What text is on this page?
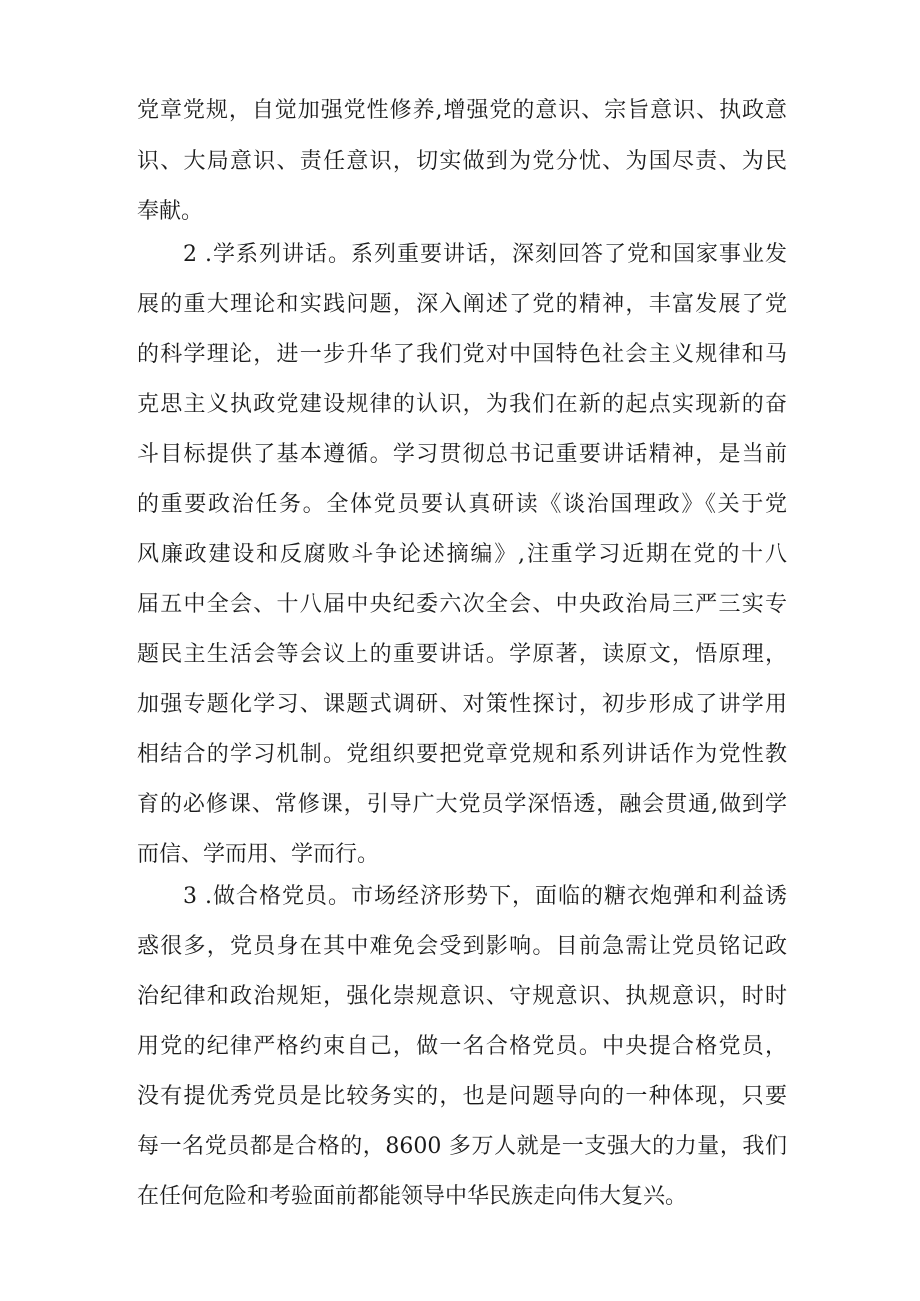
党章党规，自觉加强党性修养,增强党的意识、宗旨意识、执政意
识、大局意识、责任意识，切实做到为党分忧、为国尽责、为民
奉献。
2 .学系列讲话。系列重要讲话，深刻回答了党和国家事业发
展的重大理论和实践问题，深入阐述了党的精神，丰富发展了党
的科学理论，进一步升华了我们党对中国特色社会主义规律和马
克思主义执政党建设规律的认识，为我们在新的起点实现新的奋
斗目标提供了基本遵循。学习贯彻总书记重要讲话精神，是当前
的重要政治任务。全体党员要认真研读《谈治国理政》《关于党
风廉政建设和反腐败斗争论述摘编》,注重学习近期在党的十八
届五中全会、十八届中央纪委六次全会、中央政治局三严三实专
题民主生活会等会议上的重要讲话。学原著，读原文，悟原理，
加强专题化学习、课题式调研、对策性探讨，初步形成了讲学用
相结合的学习机制。党组织要把党章党规和系列讲话作为党性教
育的必修课、常修课，引导广大党员学深悟透，融会贯通,做到学
而信、学而用、学而行。
3 .做合格党员。市场经济形势下，面临的糖衣炮弹和利益诱
惑很多，党员身在其中难免会受到影响。目前急需让党员铭记政
治纪律和政治规矩，强化崇规意识、守规意识、执规意识，时时
用党的纪律严格约束自己，做一名合格党员。中央提合格党员，
没有提优秀党员是比较务实的，也是问题导向的一种体现，只要
每一名党员都是合格的，8600 多万人就是一支强大的力量，我们
在任何危险和考验面前都能领导中华民族走向伟大复兴。
